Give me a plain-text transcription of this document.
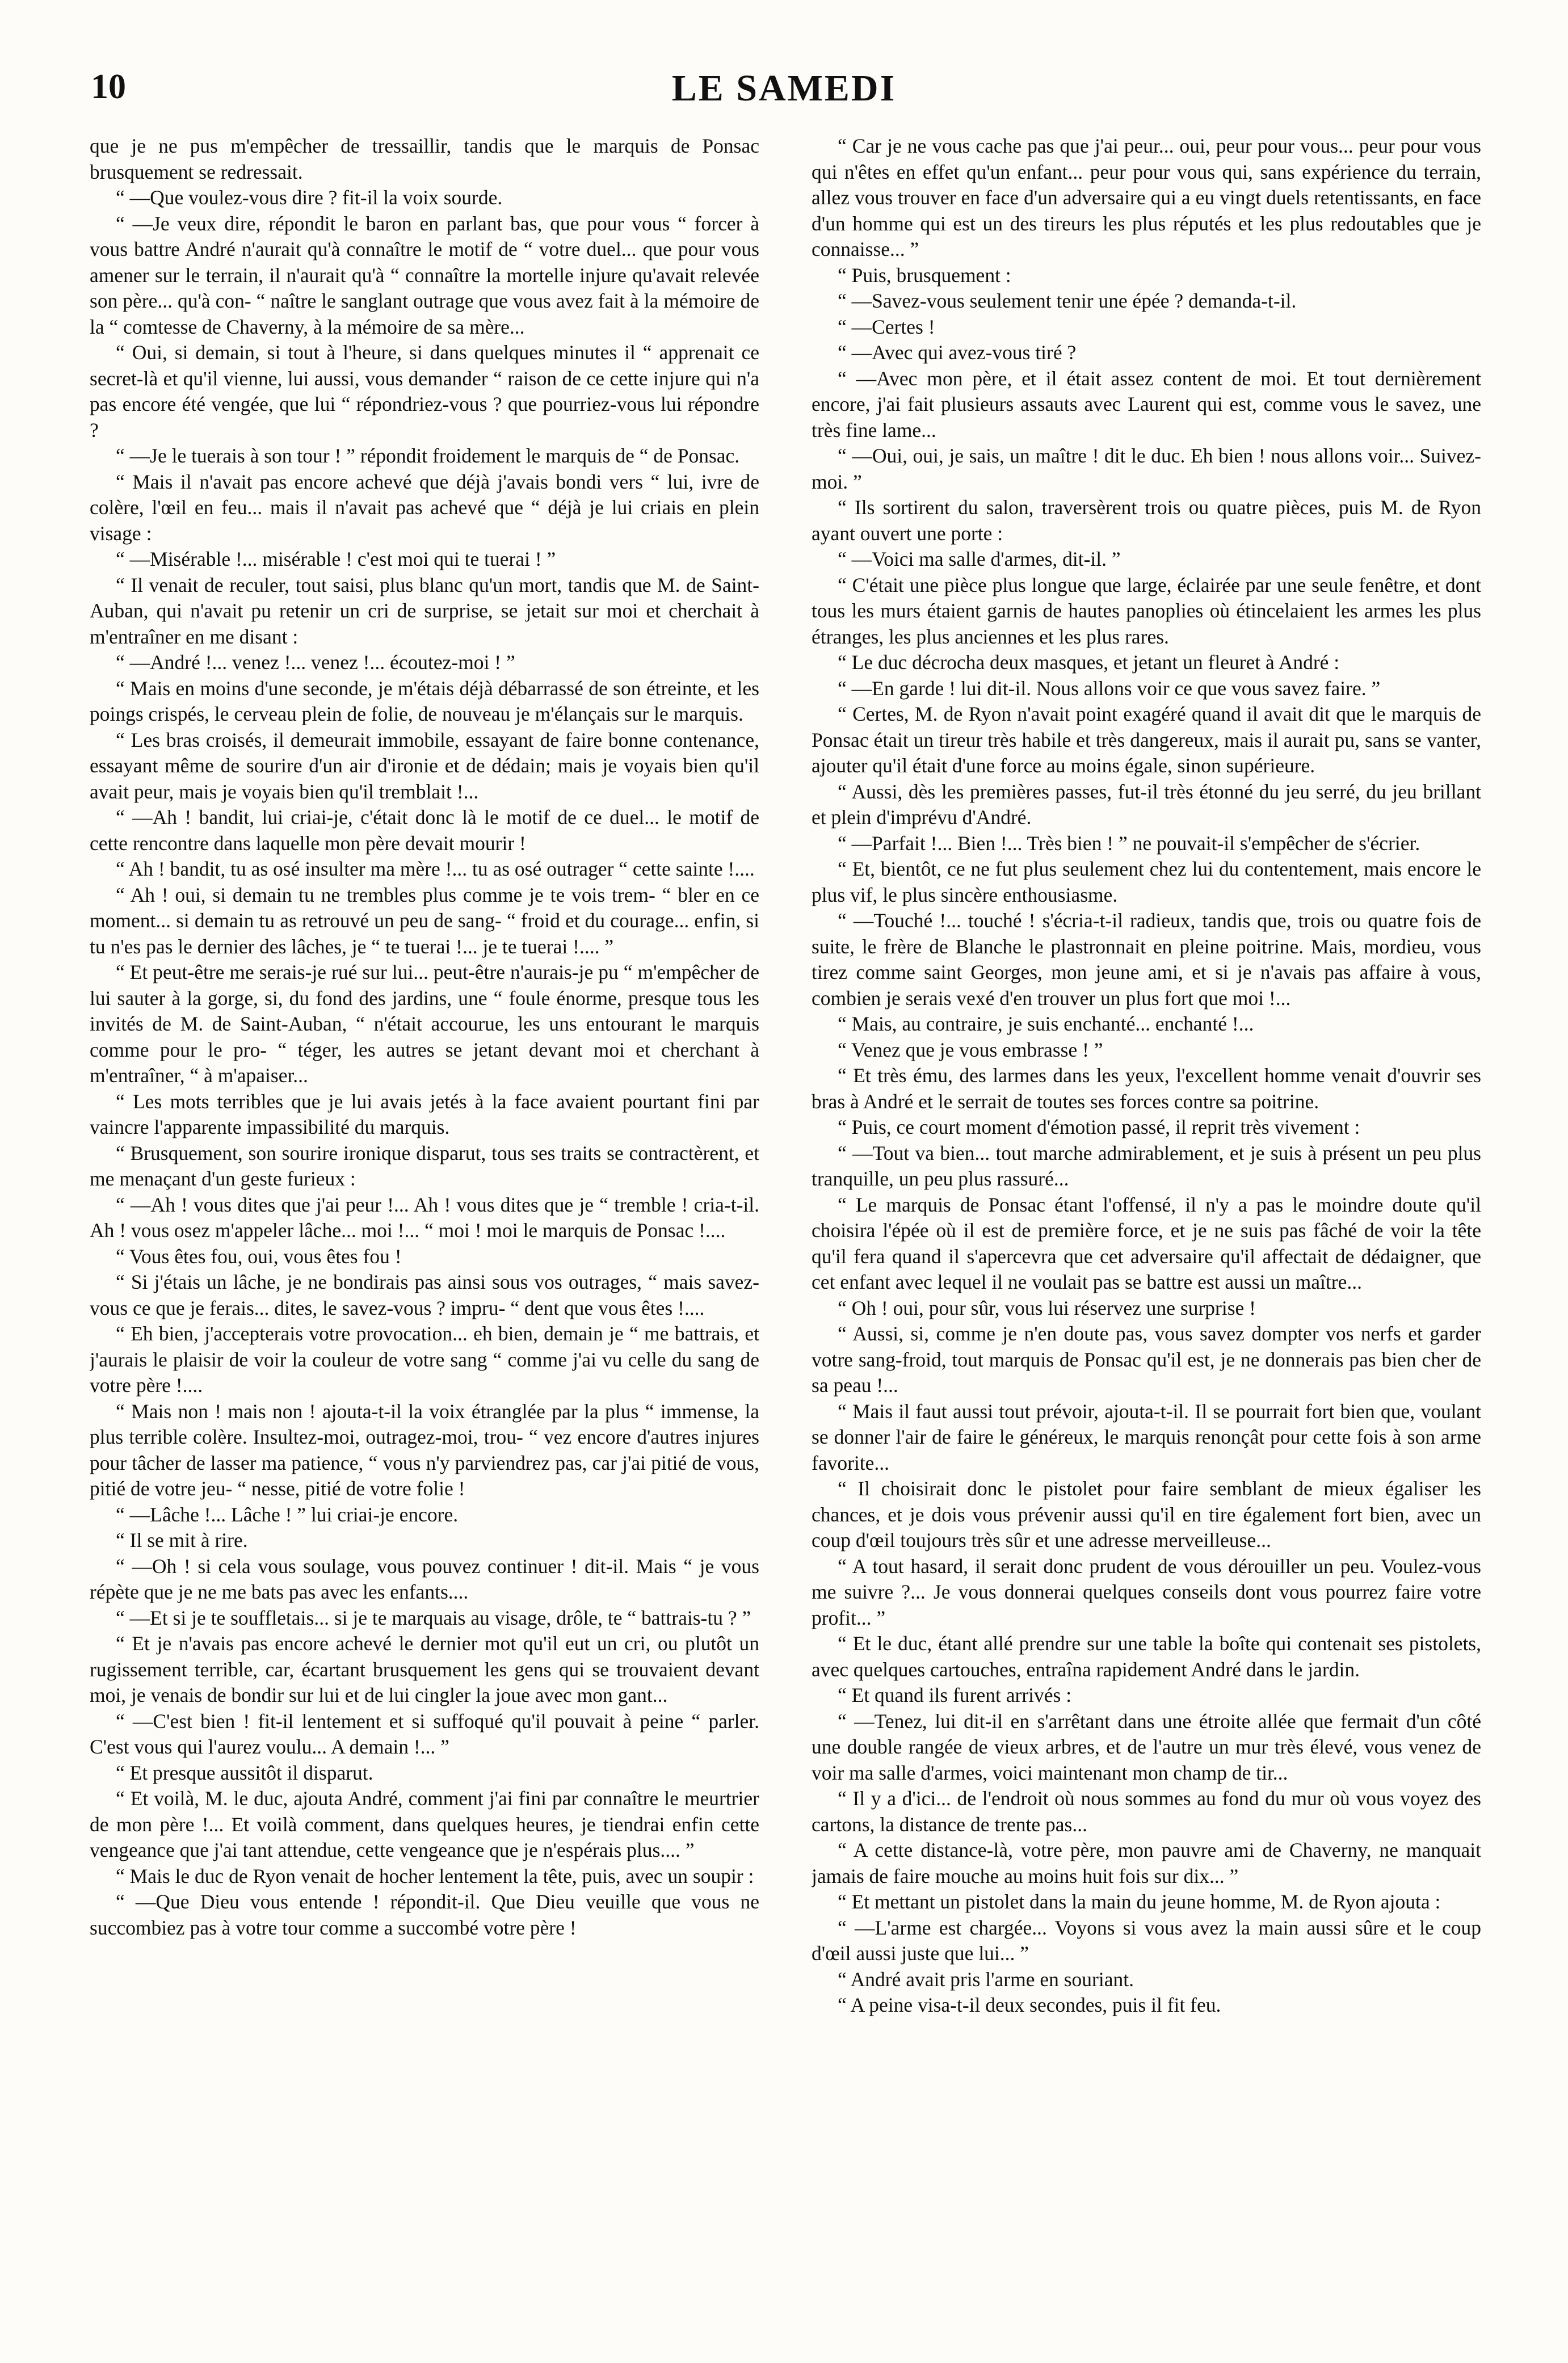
10	LE SAMEDI

que je ne pus m'empêcher de tressaillir, tandis que le marquis de Ponsac brusquement se redressait.

“ —Que voulez-vous dire ? fit-il la voix sourde.

“ —Je veux dire, répondit le baron en parlant bas, que pour vous “ forcer à vous battre André n'aurait qu'à connaître le motif de “ votre duel... que pour vous amener sur le terrain, il n'aurait qu'à “ connaître la mortelle injure qu'avait relevée son père... qu'à con- “ naître le sanglant outrage que vous avez fait à la mémoire de la “ comtesse de Chaverny, à la mémoire de sa mère...

“ Oui, si demain, si tout à l'heure, si dans quelques minutes il “ apprenait ce secret-là et qu'il vienne, lui aussi, vous demander “ raison de ce cette injure qui n'a pas encore été vengée, que lui “ répondriez-vous ? que pourriez-vous lui répondre ?

“ —Je le tuerais à son tour ! ” répondit froidement le marquis de “ de Ponsac.

“ Mais il n'avait pas encore achevé que déjà j'avais bondi vers “ lui, ivre de colère, l'œil en feu... mais il n'avait pas achevé que “ déjà je lui criais en plein visage :

“ —Misérable !... misérable ! c'est moi qui te tuerai ! ”

“ Il venait de reculer, tout saisi, plus blanc qu'un mort, tandis que M. de Saint-Auban, qui n'avait pu retenir un cri de surprise, se jetait sur moi et cherchait à m'entraîner en me disant :

“ —André !... venez !... venez !... écoutez-moi ! ”

“ Mais en moins d'une seconde, je m'étais déjà débarrassé de son étreinte, et les poings crispés, le cerveau plein de folie, de nouveau je m'élançais sur le marquis.

“ Les bras croisés, il demeurait immobile, essayant de faire bonne contenance, essayant même de sourire d'un air d'ironie et de dédain; mais je voyais bien qu'il avait peur, mais je voyais bien qu'il tremblait !...

“ —Ah ! bandit, lui criai-je, c'était donc là le motif de ce duel... le motif de cette rencontre dans laquelle mon père devait mourir !

“ Ah ! bandit, tu as osé insulter ma mère !... tu as osé outrager “ cette sainte !....

“ Ah ! oui, si demain tu ne trembles plus comme je te vois trem- “ bler en ce moment... si demain tu as retrouvé un peu de sang- “ froid et du courage... enfin, si tu n'es pas le dernier des lâches, je “ te tuerai !... je te tuerai !.... ”

“ Et peut-être me serais-je rué sur lui... peut-être n'aurais-je pu “ m'empêcher de lui sauter à la gorge, si, du fond des jardins, une “ foule énorme, presque tous les invités de M. de Saint-Auban, “ n'était accourue, les uns entourant le marquis comme pour le pro- “ téger, les autres se jetant devant moi et cherchant à m'entraîner, “ à m'apaiser...

“ Les mots terribles que je lui avais jetés à la face avaient pourtant fini par vaincre l'apparente impassibilité du marquis.

“ Brusquement, son sourire ironique disparut, tous ses traits se contractèrent, et me menaçant d'un geste furieux :

“ —Ah ! vous dites que j'ai peur !... Ah ! vous dites que je “ tremble ! cria-t-il. Ah ! vous osez m'appeler lâche... moi !... “ moi ! moi le marquis de Ponsac !....

“ Vous êtes fou, oui, vous êtes fou !

“ Si j'étais un lâche, je ne bondirais pas ainsi sous vos outrages, “ mais savez-vous ce que je ferais... dites, le savez-vous ? impru- “ dent que vous êtes !....

“ Eh bien, j'accepterais votre provocation... eh bien, demain je “ me battrais, et j'aurais le plaisir de voir la couleur de votre sang “ comme j'ai vu celle du sang de votre père !....

“ Mais non ! mais non ! ajouta-t-il la voix étranglée par la plus “ immense, la plus terrible colère. Insultez-moi, outragez-moi, trou- “ vez encore d'autres injures pour tâcher de lasser ma patience, “ vous n'y parviendrez pas, car j'ai pitié de vous, pitié de votre jeu- “ nesse, pitié de votre folie !

“ —Lâche !... Lâche ! ” lui criai-je encore.

“ Il se mit à rire.

“ —Oh ! si cela vous soulage, vous pouvez continuer ! dit-il. Mais “ je vous répète que je ne me bats pas avec les enfants....

“ —Et si je te souffletais... si je te marquais au visage, drôle, te “ battrais-tu ? ”

“ Et je n'avais pas encore achevé le dernier mot qu'il eut un cri, ou plutôt un rugissement terrible, car, écartant brusquement les gens qui se trouvaient devant moi, je venais de bondir sur lui et de lui cingler la joue avec mon gant...

“ —C'est bien ! fit-il lentement et si suffoqué qu'il pouvait à peine “ parler. C'est vous qui l'aurez voulu... A demain !... ”

“ Et presque aussitôt il disparut.

“ Et voilà, M. le duc, ajouta André, comment j'ai fini par connaître le meurtrier de mon père !... Et voilà comment, dans quelques heures, je tiendrai enfin cette vengeance que j'ai tant attendue, cette vengeance que je n'espérais plus.... ”

“ Mais le duc de Ryon venait de hocher lentement la tête, puis, avec un soupir :

“ —Que Dieu vous entende ! répondit-il. Que Dieu veuille que vous ne succombiez pas à votre tour comme a succombé votre père !

“ Car je ne vous cache pas que j'ai peur... oui, peur pour vous... peur pour vous qui n'êtes en effet qu'un enfant... peur pour vous qui, sans expérience du terrain, allez vous trouver en face d'un adversaire qui a eu vingt duels retentissants, en face d'un homme qui est un des tireurs les plus réputés et les plus redoutables que je connaisse... ”

“ Puis, brusquement :

“ —Savez-vous seulement tenir une épée ? demanda-t-il.

“ —Certes !

“ —Avec qui avez-vous tiré ?

“ —Avec mon père, et il était assez content de moi. Et tout dernièrement encore, j'ai fait plusieurs assauts avec Laurent qui est, comme vous le savez, une très fine lame...

“ —Oui, oui, je sais, un maître ! dit le duc. Eh bien ! nous allons voir... Suivez-moi. ”

“ Ils sortirent du salon, traversèrent trois ou quatre pièces, puis M. de Ryon ayant ouvert une porte :

“ —Voici ma salle d'armes, dit-il. ”

“ C'était une pièce plus longue que large, éclairée par une seule fenêtre, et dont tous les murs étaient garnis de hautes panoplies où étincelaient les armes les plus étranges, les plus anciennes et les plus rares.

“ Le duc décrocha deux masques, et jetant un fleuret à André :

“ —En garde ! lui dit-il. Nous allons voir ce que vous savez faire. ”

“ Certes, M. de Ryon n'avait point exagéré quand il avait dit que le marquis de Ponsac était un tireur très habile et très dangereux, mais il aurait pu, sans se vanter, ajouter qu'il était d'une force au moins égale, sinon supérieure.

“ Aussi, dès les premières passes, fut-il très étonné du jeu serré, du jeu brillant et plein d'imprévu d'André.

“ —Parfait !... Bien !... Très bien ! ” ne pouvait-il s'empêcher de s'écrier.

“ Et, bientôt, ce ne fut plus seulement chez lui du contentement, mais encore le plus vif, le plus sincère enthousiasme.

“ —Touché !... touché ! s'écria-t-il radieux, tandis que, trois ou quatre fois de suite, le frère de Blanche le plastronnait en pleine poitrine. Mais, mordieu, vous tirez comme saint Georges, mon jeune ami, et si je n'avais pas affaire à vous, combien je serais vexé d'en trouver un plus fort que moi !...

“ Mais, au contraire, je suis enchanté... enchanté !...

“ Venez que je vous embrasse ! ”

“ Et très ému, des larmes dans les yeux, l'excellent homme venait d'ouvrir ses bras à André et le serrait de toutes ses forces contre sa poitrine.

“ Puis, ce court moment d'émotion passé, il reprit très vivement :

“ —Tout va bien... tout marche admirablement, et je suis à présent un peu plus tranquille, un peu plus rassuré...

“ Le marquis de Ponsac étant l'offensé, il n'y a pas le moindre doute qu'il choisira l'épée où il est de première force, et je ne suis pas fâché de voir la tête qu'il fera quand il s'apercevra que cet adversaire qu'il affectait de dédaigner, que cet enfant avec lequel il ne voulait pas se battre est aussi un maître...

“ Oh ! oui, pour sûr, vous lui réservez une surprise !

“ Aussi, si, comme je n'en doute pas, vous savez dompter vos nerfs et garder votre sang-froid, tout marquis de Ponsac qu'il est, je ne donnerais pas bien cher de sa peau !...

“ Mais il faut aussi tout prévoir, ajouta-t-il. Il se pourrait fort bien que, voulant se donner l'air de faire le généreux, le marquis renonçât pour cette fois à son arme favorite...

“ Il choisirait donc le pistolet pour faire semblant de mieux égaliser les chances, et je dois vous prévenir aussi qu'il en tire également fort bien, avec un coup d'œil toujours très sûr et une adresse merveilleuse...

“ A tout hasard, il serait donc prudent de vous dérouiller un peu. Voulez-vous me suivre ?... Je vous donnerai quelques conseils dont vous pourrez faire votre profit... ”

“ Et le duc, étant allé prendre sur une table la boîte qui contenait ses pistolets, avec quelques cartouches, entraîna rapidement André dans le jardin.

“ Et quand ils furent arrivés :

“ —Tenez, lui dit-il en s'arrêtant dans une étroite allée que fermait d'un côté une double rangée de vieux arbres, et de l'autre un mur très élevé, vous venez de voir ma salle d'armes, voici maintenant mon champ de tir...

“ Il y a d'ici... de l'endroit où nous sommes au fond du mur où vous voyez des cartons, la distance de trente pas...

“ A cette distance-là, votre père, mon pauvre ami de Chaverny, ne manquait jamais de faire mouche au moins huit fois sur dix... ”

“ Et mettant un pistolet dans la main du jeune homme, M. de Ryon ajouta :

“ —L'arme est chargée... Voyons si vous avez la main aussi sûre et le coup d'œil aussi juste que lui... ”

“ André avait pris l'arme en souriant.

“ A peine visa-t-il deux secondes, puis il fit feu.
